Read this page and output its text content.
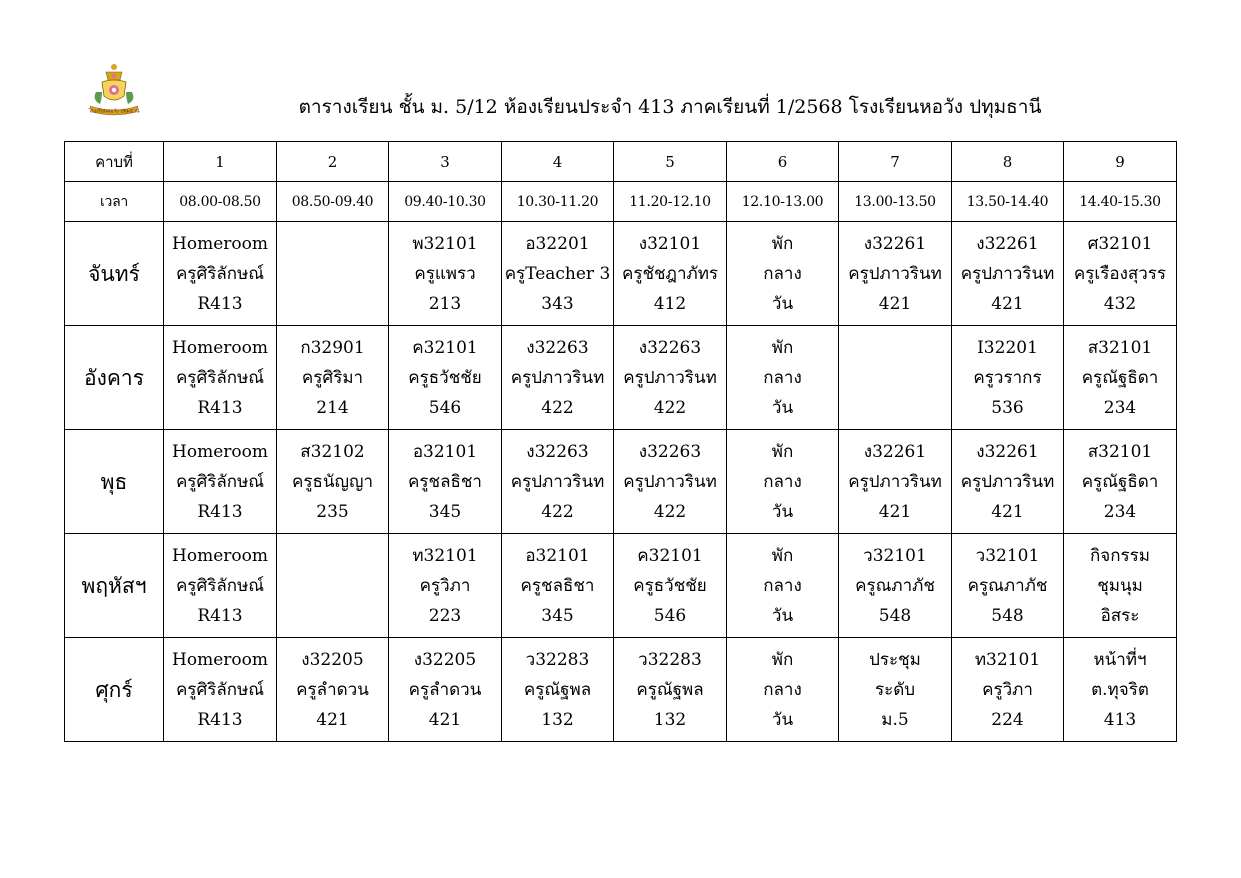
โรงเรียนหอวัง ปทุมธานี	ตารางเรียน ชั้น ม. 5/12 ห้องเรียนประจำ 413 ภาคเรียนที่ 1/2568 โรงเรียนหอวัง ปทุมธานี
คาบที่	1	2	3	4	5	6	7	8	9
เวลา	08.00-08.50	08.50-09.40	09.40-10.30	10.30-11.20	11.20-12.10	12.10-13.00	13.00-13.50	13.50-14.40	14.40-15.30
จันทร์	Homeroom
ครูศิริลักษณ์
R413		พ32101
ครูแพรว
213	อ32201
ครูTeacher 3
343	ง32101
ครูชัชฎาภัทร
412	พัก
กลาง
วัน	ง32261
ครูปภาวรินท
421	ง32261
ครูปภาวรินท
421	ศ32101
ครูเรืองสุวรร
432

อังคาร	Homeroom
ครูศิริลักษณ์
R413	ก32901
ครูศิริมา
214	ค32101
ครูธวัชชัย
546	ง32263
ครูปภาวรินท
422	ง32263
ครูปภาวรินท
422	พัก
กลาง
วัน		I32201
ครูวรากร
536	ส32101
ครูณัฐธิดา
234

พุธ	Homeroom
ครูศิริลักษณ์
R413	ส32102
ครูธนัญญา
235	อ32101
ครูชลธิชา
345	ง32263
ครูปภาวรินท
422	ง32263
ครูปภาวรินท
422	พัก
กลาง
วัน	ง32261
ครูปภาวรินท
421	ง32261
ครูปภาวรินท
421	ส32101
ครูณัฐธิดา
234

พฤหัสฯ	Homeroom
ครูศิริลักษณ์
R413		ท32101
ครูวิภา
223	อ32101
ครูชลธิชา
345	ค32101
ครูธวัชชัย
546	พัก
กลาง
วัน	ว32101
ครูณภาภัช
548	ว32101
ครูณภาภัช
548	กิจกรรม
ชุมนุม
อิสระ

ศุกร์	Homeroom
ครูศิริลักษณ์
R413	ง32205
ครูลำดวน
421	ง32205
ครูลำดวน
421	ว32283
ครูณัฐพล
132	ว32283
ครูณัฐพล
132	พัก
กลาง
วัน	ประชุม
ระดับ
ม.5	ท32101
ครูวิภา
224	หน้าที่ฯ
ต.ทุจริต
413
